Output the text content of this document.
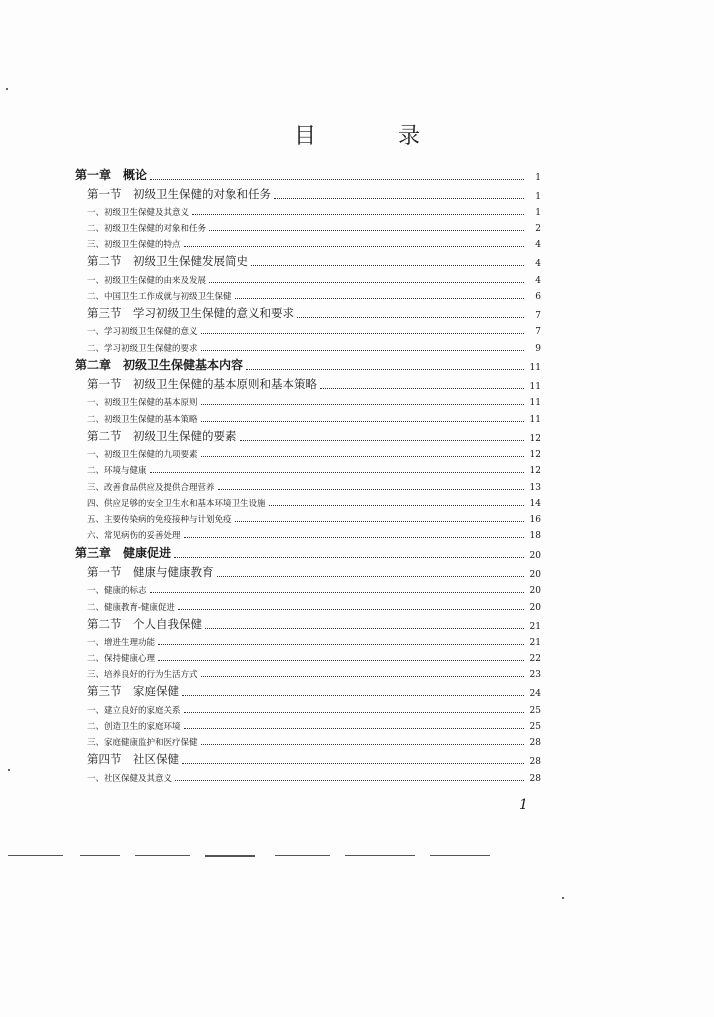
目　录
第一章　概论	1
第一节　初级卫生保健的对象和任务	1
一、初级卫生保健及其意义	1
二、初级卫生保健的对象和任务	2
三、初级卫生保健的特点	4
第二节　初级卫生保健发展简史	4
一、初级卫生保健的由来及发展	4
二、中国卫生工作成就与初级卫生保健	6
第三节　学习初级卫生保健的意义和要求	7
一、学习初级卫生保健的意义	7
二、学习初级卫生保健的要求	9
第二章　初级卫生保健基本内容	11
第一节　初级卫生保健的基本原则和基本策略	11
一、初级卫生保健的基本原则	11
二、初级卫生保健的基本策略	11
第二节　初级卫生保健的要素	12
一、初级卫生保健的九项要素	12
二、环境与健康	12
三、改善食品供应及提供合理营养	13
四、供应足够的安全卫生水和基本环境卫生设施	14
五、主要传染病的免疫接种与计划免疫	16
六、常见病伤的妥善处理	18
第三章　健康促进	20
第一节　健康与健康教育	20
一、健康的标志	20
二、健康教育-健康促进	20
第二节　个人自我保健	21
一、增进生理功能	21
二、保持健康心理	22
三、培养良好的行为生活方式	23
第三节　家庭保健	24
一、建立良好的家庭关系	25
二、创造卫生的家庭环境	25
三、家庭健康监护和医疗保健	28
第四节　社区保健	28
一、社区保健及其意义	28
1
